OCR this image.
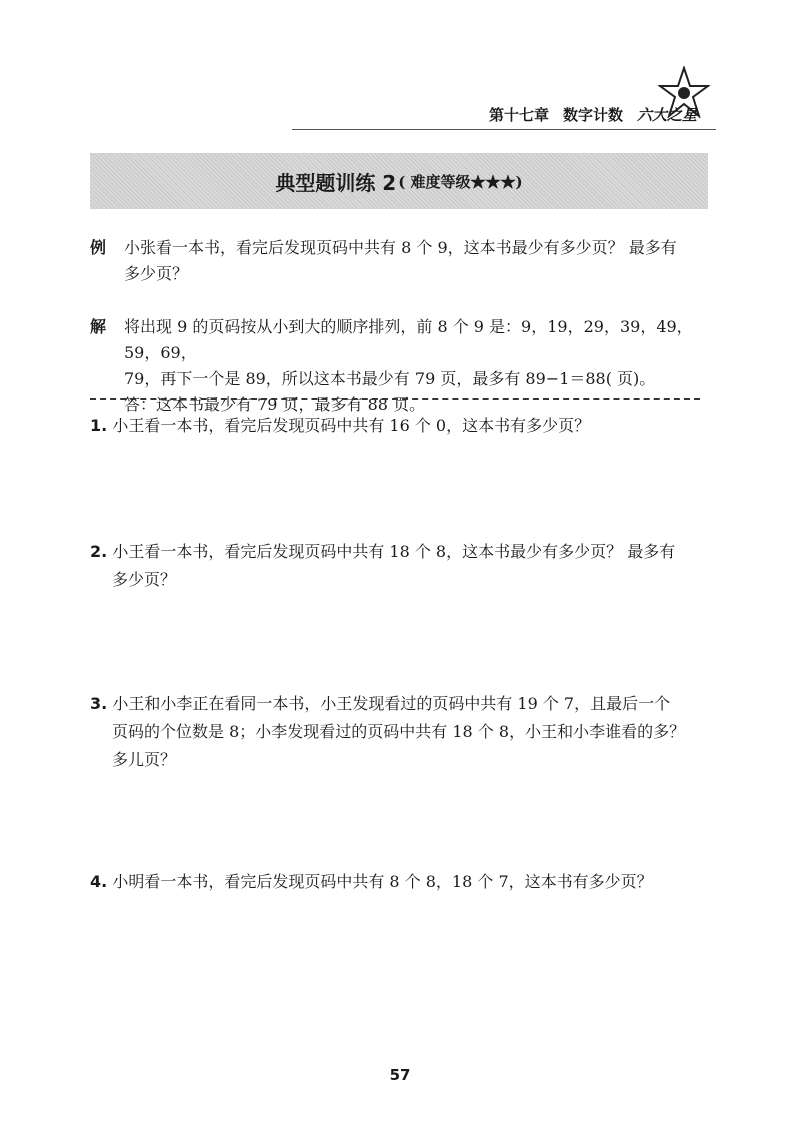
第十七章 数字计数 六大之星
典型题训练 2 ( 难度等级★★★)
例	小张看一本书，看完后发现页码中共有 8 个 9，这本书最少有多少页？ 最多有
多少页？
解	将出现 9 的页码按从小到大的顺序排列，前 8 个 9 是：9，19，29，39，49，59，69，
79，再下一个是 89，所以这本书最少有 79 页，最多有 89−1＝88( 页)。
答：这本书最少有 79 页，最多有 88 页。
1. 小王看一本书，看完后发现页码中共有 16 个 0，这本书有多少页？
2. 小王看一本书，看完后发现页码中共有 18 个 8，这本书最少有多少页？ 最多有
多少页？
3. 小王和小李正在看同一本书，小王发现看过的页码中共有 19 个 7，且最后一个
页码的个位数是 8；小李发现看过的页码中共有 18 个 8，小王和小李谁看的多？
多儿页？
4. 小明看一本书，看完后发现页码中共有 8 个 8，18 个 7，这本书有多少页？
57
